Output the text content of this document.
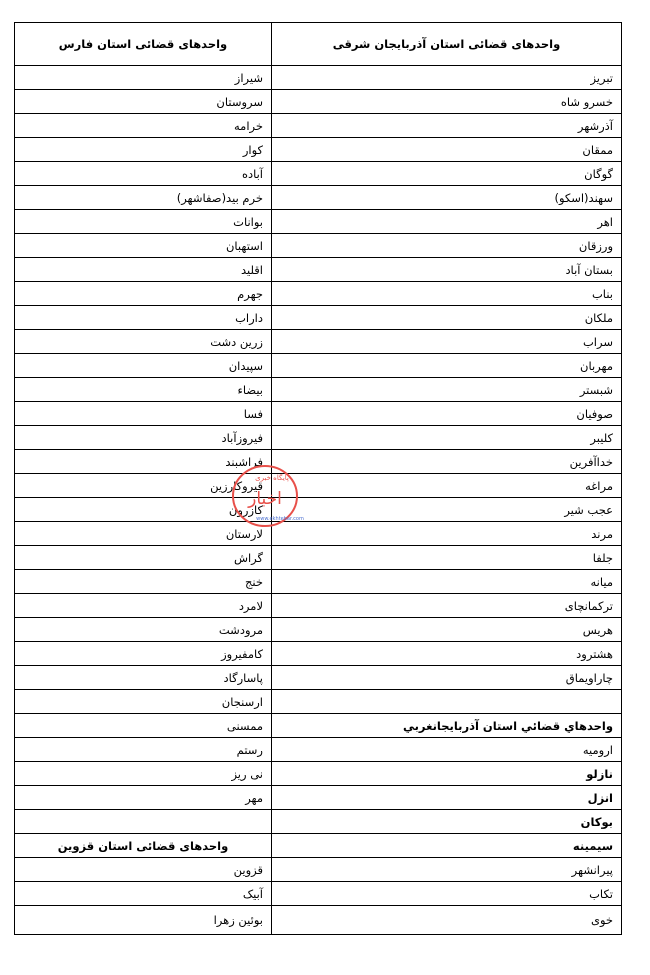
واحدهای قضائی استان آذربایجان شرقی	واحدهای قضائی استان فارس
تبریز	شیراز
خسرو شاه	سروستان
آذرشهر	خرامه
ممقان	کوار
گوگان	آباده
سهند(اسکو)	خرم بید(صفاشهر)
اهر	بوانات
ورزقان	استهبان
بستان آباد	اقلید
بناب	جهرم
ملکان	داراب
سراب	زرین دشت
مهربان	سپیدان
شبستر	بیضاء
صوفیان	فسا
کلیبر	فیروزآباد
خداآفرین	فراشبند
مراغه	قیروکارزین
عجب شیر	کازرون
مرند	لارستان
جلفا	گراش
میانه	خنج
ترکمانچای	لامرد
هریس	مرودشت
هشترود	کامفیروز
چاراویماق	پاسارگاد
	ارسنجان
واحدهاي قضائي استان آذربايجانغربي	ممسنی
ارومیه	رستم
نازلو	نی ریز
انزل	مهر
بوکان	
سیمینه	واحدهای قضائی استان قزوین
پیرانشهر	قزوین
تکاب	آبیک
خوی	بوئین زهرا
پایگاه خبری
اخبار
www.ekhtebar.com
